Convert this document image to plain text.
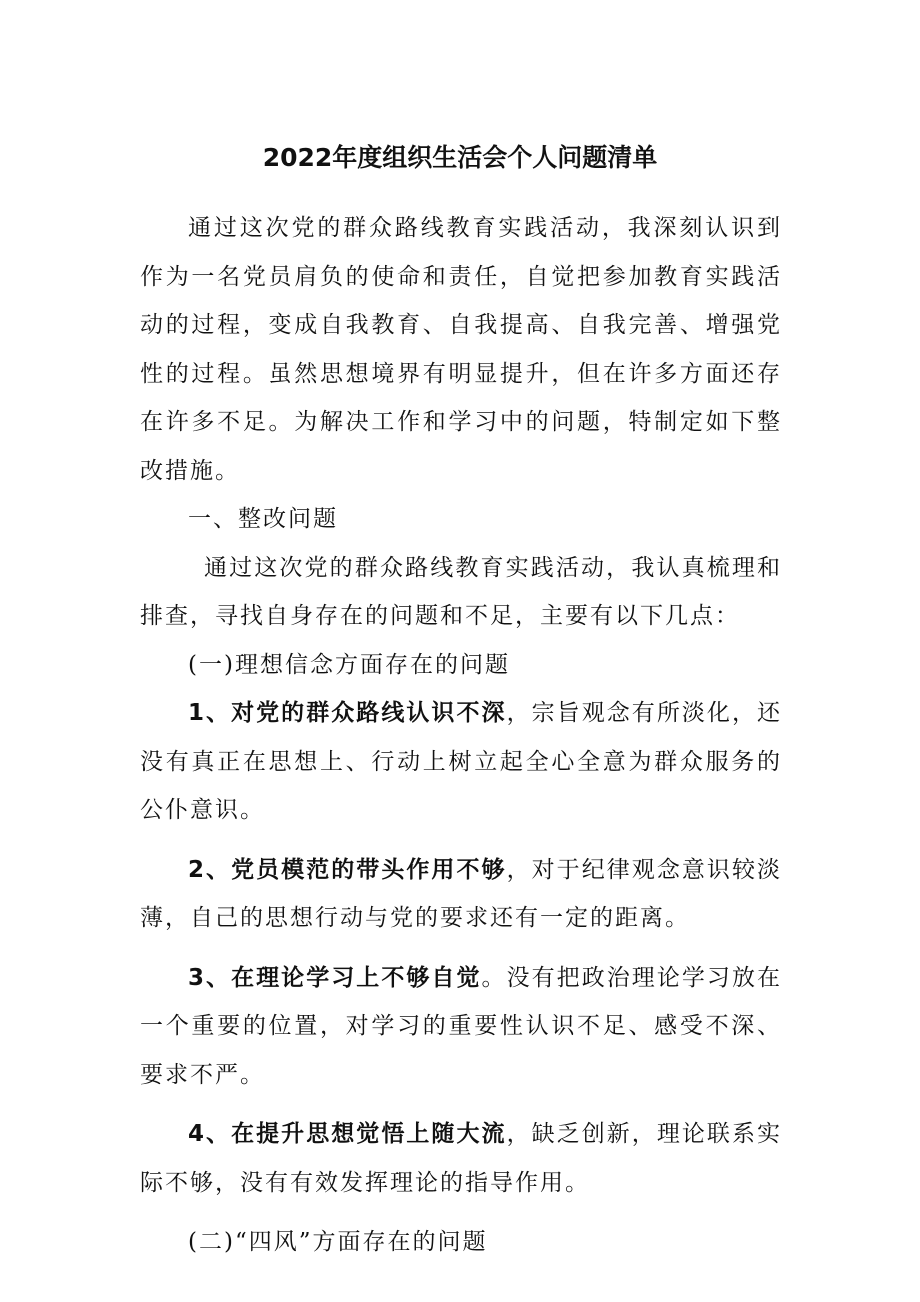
2022年度组织生活会个人问题清单

通过这次党的群众路线教育实践活动，我深刻认识到作为一名党员肩负的使命和责任，自觉把参加教育实践活动的过程，变成自我教育、自我提高、自我完善、增强党性的过程。虽然思想境界有明显提升，但在许多方面还存在许多不足。为解决工作和学习中的问题，特制定如下整改措施。

一、整改问题

通过这次党的群众路线教育实践活动，我认真梳理和排查，寻找自身存在的问题和不足，主要有以下几点：

(一)理想信念方面存在的问题

1、对党的群众路线认识不深，宗旨观念有所淡化，还没有真正在思想上、行动上树立起全心全意为群众服务的公仆意识。

2、党员模范的带头作用不够，对于纪律观念意识较淡薄，自己的思想行动与党的要求还有一定的距离。

3、在理论学习上不够自觉。没有把政治理论学习放在一个重要的位置，对学习的重要性认识不足、感受不深、要求不严。

4、在提升思想觉悟上随大流，缺乏创新，理论联系实际不够，没有有效发挥理论的指导作用。

(二)“四风”方面存在的问题
